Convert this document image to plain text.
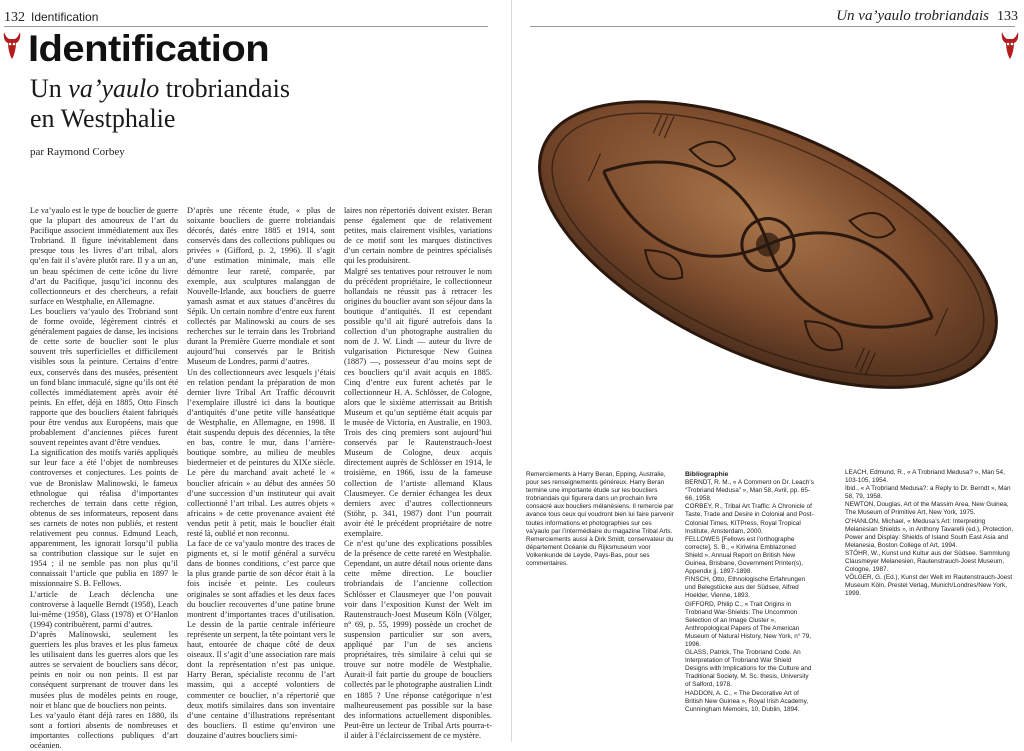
132 Identification	Un va’yaulo trobriandais 133
Identification
Un va’yaulo trobriandais
en Westphalie
par Raymond Corbey

Le va’yaulo est le type de bouclier de guerre que la plupart des amoureux de l’art du Pacifique associent immédiatement aux îles Trobriand. Il figure inévitablement dans presque tous les livres d’art tribal, alors qu’en fait il s’avère plutôt rare. Il y a un an, un beau spécimen de cette icône du livre d’art du Pacifique, jusqu’ici inconnu des collectionneurs et des chercheurs, a refait surface en Westphalie, en Allemagne.

Les boucliers va’yaulo des Trobriand sont de forme ovoïde, légèrement cintrés et généralement pagaies de danse, les incisions de cette sorte de bouclier sont le plus souvent très superficielles et difficilement visibles sous la peinture. Certains d’entre eux, conservés dans des musées, présentent un fond blanc immaculé, signe qu’ils ont été collectés immédiatement après avoir été peints. En effet, déjà en 1885, Otto Finsch rapporte que des boucliers étaient fabriqués pour être vendus aux Européens, mais que probablement d’anciennes pièces furent souvent repeintes avant d’être vendues.

La signification des motifs variés appliqués sur leur face a été l’objet de nombreuses controverses et conjectures. Les points de vue de Bronislaw Malinowski, le fameux ethnologue qui réalisa d’importantes recherches de terrain dans cette région, obtenus de ses informateurs, reposent dans ses carnets de notes non publiés, et restent relativement peu connus. Edmund Leach, apparemment, les ignorait lorsqu’il publia sa contribution classique sur le sujet en 1954 ; il ne semble pas non plus qu’il connaissait l’article que publia en 1897 le missionnaire S. B. Fellows.

L’article de Leach déclencha une controverse à laquelle Berndt (1958), Leach lui-même (1958), Glass (1978) et O’Hanlon (1994) contribuèrent, parmi d’autres.

D’après Malinowski, seulement les guerriers les plus braves et les plus fameux les utilisaient dans les guerres alors que les autres se servaient de boucliers sans décor, peints en noir ou non peints. Il est par conséquent surprenant de trouver dans les musées plus de modèles peints en rouge, noir et blanc que de boucliers non peints.

Les va’yaulo étant déjà rares en 1880, ils sont a fortiori absents de nombreuses et importantes collections publiques d’art océanien.

D’après une récente étude, « plus de soixante boucliers de guerre trobriandais décorés, datés entre 1885 et 1914, sont conservés dans des collections publiques ou privées » (Gifford, p. 2, 1996). Il s’agit d’une estimation minimale, mais elle démontre leur rareté, comparée, par exemple, aux sculptures malanggan de Nouvelle-Irlande, aux boucliers de guerre yamash asmat et aux statues d’ancêtres du Sépik. Un certain nombre d’entre eux furent collectés par Malinowski au cours de ses recherches sur le terrain dans les Trobriand durant la Première Guerre mondiale et sont aujourd’hui conservés par le British Museum de Londres, parmi d’autres.

Un des collectionneurs avec lesquels j’étais en relation pendant la préparation de mon dernier livre Tribal Art Traffic découvrit l’exemplaire illustré ici dans la boutique d’antiquités d’une petite ville hanséatique de Westphalie, en Allemagne, en 1998. Il était suspendu depuis des décennies, la tête en bas, contre le mur, dans l’arrière-boutique sombre, au milieu de meubles biedermeier et de peintures du XIXe siècle. Le père du marchand avait acheté le « bouclier africain » au début des années 50 d’une succession d’un instituteur qui avait collectionné l’art tribal. Les autres objets « africains » de cette provenance avaient été vendus petit à petit, mais le bouclier était resté là, oublié et non reconnu.

La face de ce va’yaulo montre des traces de pigments et, si le motif général a survécu dans de bonnes conditions, c’est parce que la plus grande partie de son décor était à la fois incisée et peinte. Les couleurs originales se sont affadies et les deux faces du bouclier recouvertes d’une patine brune montrent d’importantes traces d’utilisation. Le dessin de la partie centrale inférieure représente un serpent, la tête pointant vers le haut, entourée de chaque côté de deux oiseaux. Il s’agit d’une association rare mais dont la représentation n’est pas unique. Harry Beran, spécialiste reconnu de l’art massim, qui a accepté volontiers de commenter ce bouclier, n’a répertorié que deux motifs similaires dans son inventaire d’une centaine d’illustrations représentant des boucliers. Il estime qu’environ une douzaine d’autres boucliers simi-

laires non répertoriés doivent exister. Beran pense également que de relativement petites, mais clairement visibles, variations de ce motif sont les marques distinctives d’un certain nombre de peintres spécialisés qui les produisirent.

Malgré ses tentatives pour retrouver le nom du précédent propriétaire, le collectionneur hollandais ne réussit pas à retracer les origines du bouclier avant son séjour dans la boutique d’antiquités. Il est cependant possible qu’il ait figuré autrefois dans la collection d’un photographe australien du nom de J. W. Lindt — auteur du livre de vulgarisation Picturesque New Guinea (1887) —, possesseur d’au moins sept de ces boucliers qu’il avait acquis en 1885. Cinq d’entre eux furent achetés par le collectionneur H. A. Schlösser, de Cologne, alors que le sixième atterrissait au British Museum et qu’un septième était acquis par le musée de Victoria, en Australie, en 1903. Trois des cinq premiers sont aujourd’hui conservés par le Rautenstrauch-Joest Museum de Cologne, deux acquis directement auprès de Schlösser en 1914, le troisième, en 1966, issu de la fameuse collection de l’artiste allemand Klaus Clausmeyer. Ce dernier échangea les deux derniers avec d’autres collectionneurs (Stöhr, p. 341, 1987) dont l’un pourrait avoir été le précédent propriétaire de notre exemplaire.

Ce n’est qu’une des explications possibles de la présence de cette rareté en Westphalie. Cependant, un autre détail nous oriente dans cette même direction. Le bouclier trobriandais de l’ancienne collection Schlösser et Clausmeyer que l’on pouvait voir dans l’exposition Kunst der Welt im Rautenstrauch-Joest Museum Köln (Völger, n° 69, p. 55, 1999) possède un crochet de suspension particulier sur son avers, appliqué par l’un de ses anciens propriétaires, très similaire à celui qui se trouve sur notre modèle de Westphalie. Aurait-il fait partie du groupe de boucliers collectés par le photographe australien Lindt en 1885 ? Une réponse catégorique n’est malheureusement pas possible sur la base des informations actuellement disponibles. Peut-être un lecteur de Tribal Arts pourra-t-il aider à l’éclaircissement de ce mystère.

Remerciements à Harry Beran, Epping, Australie, pour ses renseignements généreux. Harry Beran termine une importante étude sur les boucliers trobriandais qui figurera dans un prochain livre consacré aux boucliers mélanésiens. Il remercie par avance tous ceux qui voudront bien lui faire parvenir toutes informations et photographies sur ces va’yaulo par l’intermédiaire du magazine Tribal Arts. Remerciements aussi à Dirk Smidt, conservateur du département Océanie du Rijksmuseum voor Volkenkunde de Leyde, Pays-Bas, pour ses commentaires.
Bibliographie

BERNDT, R. M., « A Comment on Dr. Leach’s “Trobriand Medusa” », Man 58, Avril, pp. 65-66, 1958.

CORBEY, R., Tribal Art Traffic: A Chronicle of Taste, Trade and Desire in Colonial and Post-Colonial Times, KITPress, Royal Tropical Institute, Amsterdam, 2000.

FELLOWES [Fellows est l’orthographe correcte], S. B., « Kiriwina Emblazoned Shield », Annual Report on British New Guinea, Brisbane, Government Printer(s), Appendix jj, 1897-1898.

FINSCH, Otto, Ethnologische Erfahrungen und Belegstücke aus der Südsee, Alfred Hoelder, Vienne, 1893.

GIFFORD, Philip C., « Trait Origins in Trobriand War-Shields: The Uncommon Selection of an Image Cluster », Anthropological Papers of The American Museum of Natural History, New York, n° 79, 1996.

GLASS, Patrick, The Trobriand Code. An Interpretation of Trobriand War Shield Designs with Implications for the Culture and Traditional Society, M. Sc. thesis, University of Salford, 1978.

HADDON, A. C., « The Decorative Art of British New Guinea », Royal Irish Academy, Cunningham Memoirs, 10, Dublin, 1894.

LEACH, Edmund, R., « A Trobriand Medusa? », Man 54, 103-105, 1954.

Ibid., « A Trobriand Medusa?: a Reply to Dr. Berndt », Man 58, 79, 1958.

NEWTON, Douglas, Art of the Massim Area, New Guinea, The Museum of Primitive Art, New York, 1975.

O’HANLON, Michael, « Medusa’s Art: Interpreting Melanesian Shields », in Anthony Tavarelli (ed.), Protection, Power and Display: Shields of Island South East Asia and Melanesia, Boston College of Art, 1994.

STÖHR, W., Kunst und Kultur aus der Südsee. Sammlung Clausmeyer Melanesien, Rautenstrauch-Joest Museum, Cologne, 1987.

VÖLGER, G. (Ed.), Kunst der Welt im Rautenstrauch-Joest Museum Köln, Prestel Verlag, Munich/Londres/New York, 1999.
